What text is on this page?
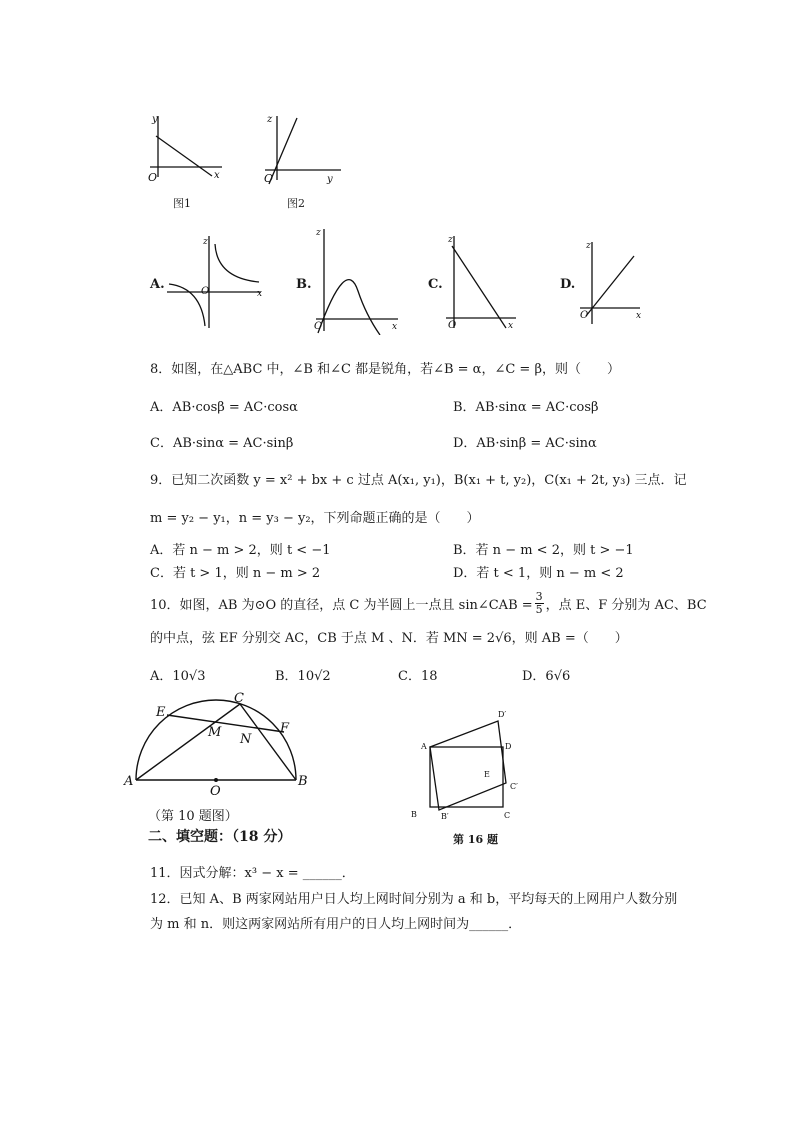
y
x
O
图1
z
y
O
图2
A.
z
x
O	B.
z
x
O
C.
z
x
O
D.
z
x
O
8．如图，在△ABC 中，∠B 和∠C 都是锐角，若∠B = α，∠C = β，则（　　）
A．AB·cosβ = AC·cosα	B．AB·sinα = AC·cosβ
C．AB·sinα = AC·sinβ	D．AB·sinβ = AC·sinα
9．已知二次函数 y = x² + bx + c 过点 A(x₁, y₁)，B(x₁ + t, y₂)，C(x₁ + 2t, y₃) 三点．记
m = y₂ − y₁，n = y₃ − y₂，下列命题正确的是（　　）
A．若 n − m > 2，则 t < −1	B．若 n − m < 2，则 t > −1
C．若 t > 1，则 n − m > 2	D．若 t < 1，则 n − m < 2
10．如图，AB 为⊙O 的直径，点 C 为半圆上一点且 sin∠CAB = $\frac{3}{5}$ ，点 E、F 分别为 AC、BC
的中点，弦 EF 分别交 AC，CB 于点 M 、N．若 MN = 2√6，则 AB =（　　）
A．10√3	B．10√2	C．18	D．6√6
A	B
C
E
F
M N
O
（第 10 题图）
A
B	B′	C
C′
D
D′
E
第 16 题
二、填空题：（18 分）
11．因式分解：x³ − x = ______．
12．已知 A、B 两家网站用户日人均上网时间分别为 a 和 b，平均每天的上网用户人数分别
为 m 和 n．则这两家网站所有用户的日人均上网时间为______．
